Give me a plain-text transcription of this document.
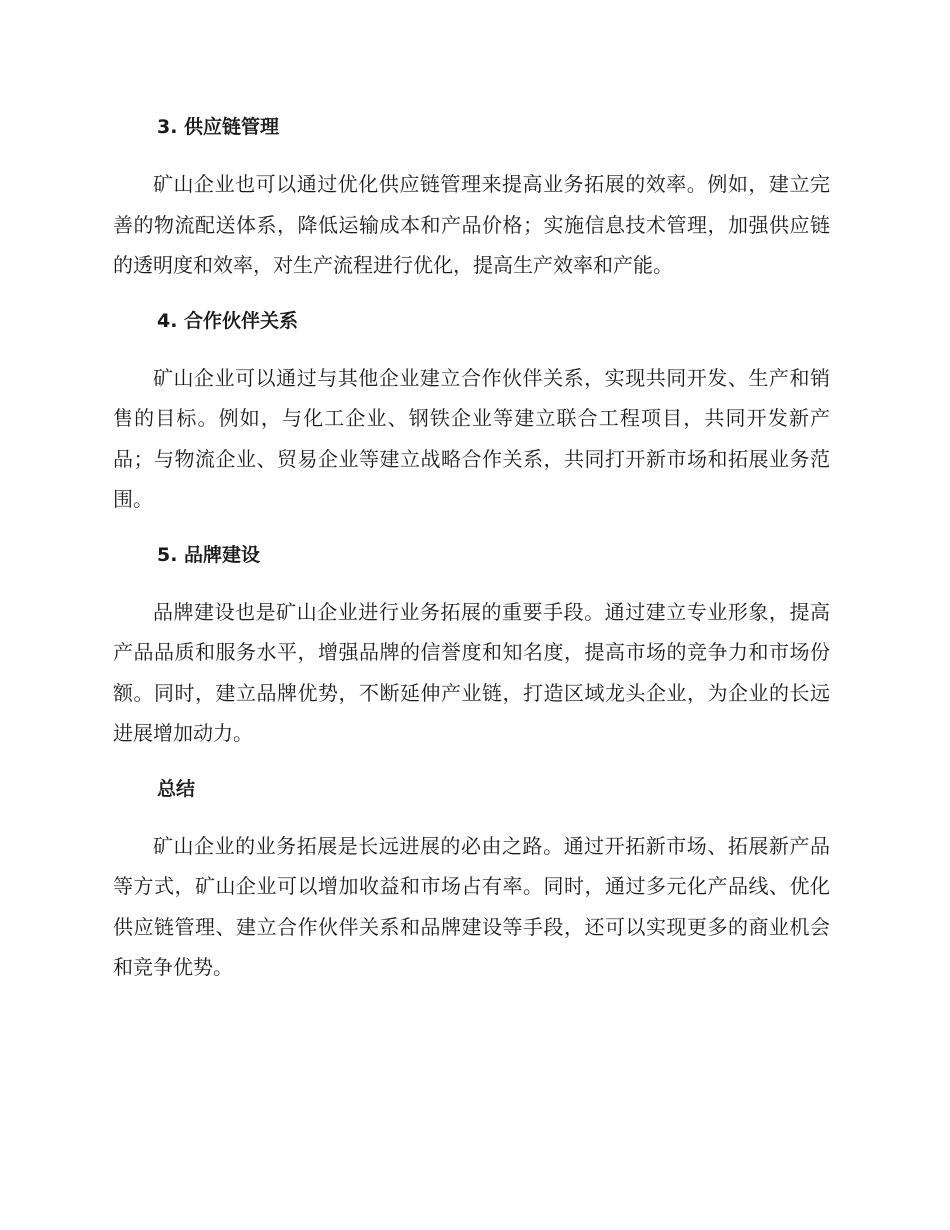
3. 供应链管理

矿山企业也可以通过优化供应链管理来提高业务拓展的效率。例如，建立完善的物流配送体系，降低运输成本和产品价格；实施信息技术管理，加强供应链的透明度和效率，对生产流程进行优化，提高生产效率和产能。

4. 合作伙伴关系

矿山企业可以通过与其他企业建立合作伙伴关系，实现共同开发、生产和销售的目标。例如，与化工企业、钢铁企业等建立联合工程项目，共同开发新产品；与物流企业、贸易企业等建立战略合作关系，共同打开新市场和拓展业务范围。

5. 品牌建设

品牌建设也是矿山企业进行业务拓展的重要手段。通过建立专业形象，提高产品品质和服务水平，增强品牌的信誉度和知名度，提高市场的竞争力和市场份额。同时，建立品牌优势，不断延伸产业链，打造区域龙头企业，为企业的长远进展增加动力。

总结

矿山企业的业务拓展是长远进展的必由之路。通过开拓新市场、拓展新产品等方式，矿山企业可以增加收益和市场占有率。同时，通过多元化产品线、优化供应链管理、建立合作伙伴关系和品牌建设等手段，还可以实现更多的商业机会和竞争优势。
